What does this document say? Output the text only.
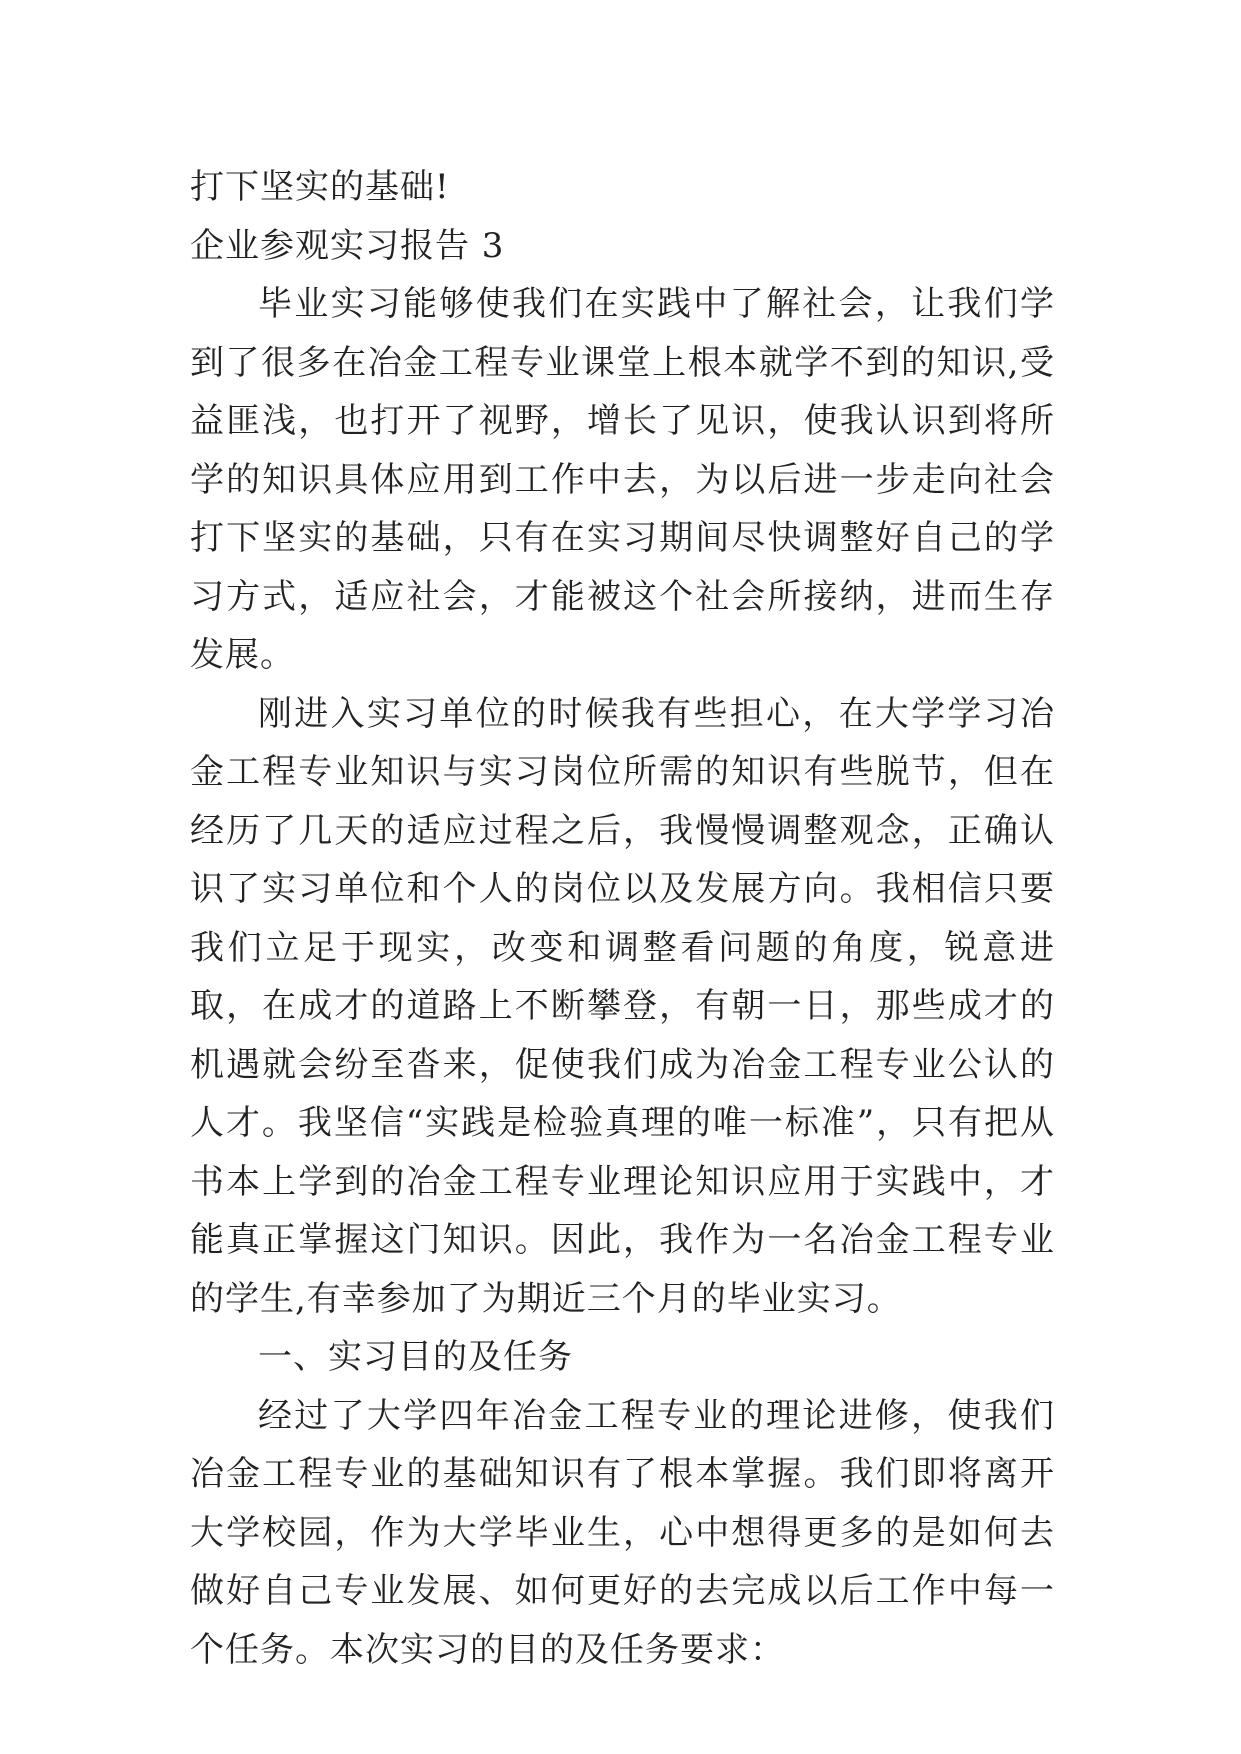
打下坚实的基础!
企业参观实习报告 3
毕业实习能够使我们在实践中了解社会，让我们学到了很多在冶金工程专业课堂上根本就学不到的知识,受益匪浅，也打开了视野，增长了见识，使我认识到将所学的知识具体应用到工作中去，为以后进一步走向社会打下坚实的基础，只有在实习期间尽快调整好自己的学习方式，适应社会，才能被这个社会所接纳，进而生存发展。
刚进入实习单位的时候我有些担心，在大学学习冶金工程专业知识与实习岗位所需的知识有些脱节，但在经历了几天的适应过程之后，我慢慢调整观念，正确认识了实习单位和个人的岗位以及发展方向。我相信只要我们立足于现实，改变和调整看问题的角度，锐意进取，在成才的道路上不断攀登，有朝一日，那些成才的机遇就会纷至沓来，促使我们成为冶金工程专业公认的人才。我坚信“实践是检验真理的唯一标准”，只有把从书本上学到的冶金工程专业理论知识应用于实践中，才能真正掌握这门知识。因此，我作为一名冶金工程专业的学生,有幸参加了为期近三个月的毕业实习。
一、实习目的及任务
经过了大学四年冶金工程专业的理论进修，使我们冶金工程专业的基础知识有了根本掌握。我们即将离开大学校园，作为大学毕业生，心中想得更多的是如何去做好自己专业发展、如何更好的去完成以后工作中每一个任务。本次实习的目的及任务要求：
